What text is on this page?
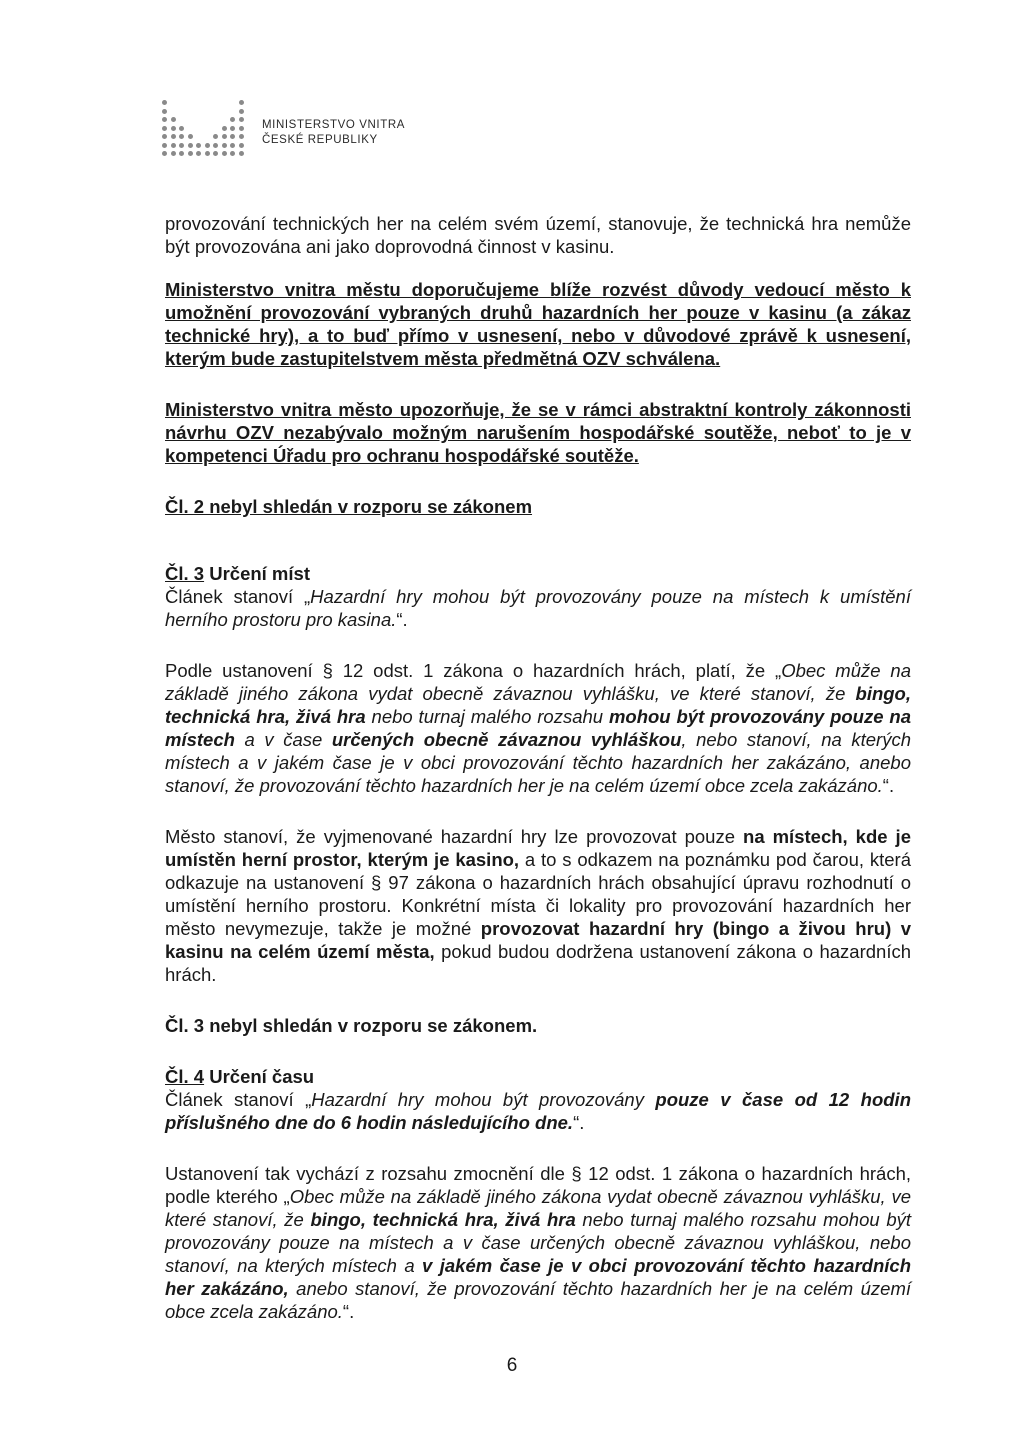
MINISTERSTVO VNITRA
ČESKÉ REPUBLIKY

provozování technických her na celém svém území, stanovuje, že technická hra nemůže být provozována ani jako doprovodná činnost v kasinu.

Ministerstvo vnitra městu doporučujeme blíže rozvést důvody vedoucí město k umožnění provozování vybraných druhů hazardních her pouze v kasinu (a zákaz technické hry), a to buď přímo v usnesení, nebo v důvodové zprávě k usnesení, kterým bude zastupitelstvem města předmětná OZV schválena.

Ministerstvo vnitra město upozorňuje, že se v rámci abstraktní kontroly zákonnosti návrhu OZV nezabývalo možným narušením hospodářské soutěže, neboť to je v kompetenci Úřadu pro ochranu hospodářské soutěže.

Čl. 2 nebyl shledán v rozporu se zákonem

Čl. 3 Určení míst
Článek stanoví „Hazardní hry mohou být provozovány pouze na místech k umístění herního prostoru pro kasina.“.

Podle ustanovení § 12 odst. 1 zákona o hazardních hrách, platí, že „Obec může na základě jiného zákona vydat obecně závaznou vyhlášku, ve které stanoví, že bingo, technická hra, živá hra nebo turnaj malého rozsahu mohou být provozovány pouze na místech a v čase určených obecně závaznou vyhláškou, nebo stanoví, na kterých místech a v jakém čase je v obci provozování těchto hazardních her zakázáno, anebo stanoví, že provozování těchto hazardních her je na celém území obce zcela zakázáno.“.

Město stanoví, že vyjmenované hazardní hry lze provozovat pouze na místech, kde je umístěn herní prostor, kterým je kasino, a to s odkazem na poznámku pod čarou, která odkazuje na ustanovení § 97 zákona o hazardních hrách obsahující úpravu rozhodnutí o umístění herního prostoru. Konkrétní místa či lokality pro provozování hazardních her město nevymezuje, takže je možné provozovat hazardní hry (bingo a živou hru) v kasinu na celém území města, pokud budou dodržena ustanovení zákona o hazardních hrách.

Čl. 3 nebyl shledán v rozporu se zákonem.

Čl. 4 Určení času
Článek stanoví „Hazardní hry mohou být provozovány pouze v čase od 12 hodin příslušného dne do 6 hodin následujícího dne.“.

Ustanovení tak vychází z rozsahu zmocnění dle § 12 odst. 1 zákona o hazardních hrách, podle kterého „Obec může na základě jiného zákona vydat obecně závaznou vyhlášku, ve které stanoví, že bingo, technická hra, živá hra nebo turnaj malého rozsahu mohou být provozovány pouze na místech a v čase určených obecně závaznou vyhláškou, nebo stanoví, na kterých místech a v jakém čase je v obci provozování těchto hazardních her zakázáno, anebo stanoví, že provozování těchto hazardních her je na celém území obce zcela zakázáno.“.

6
